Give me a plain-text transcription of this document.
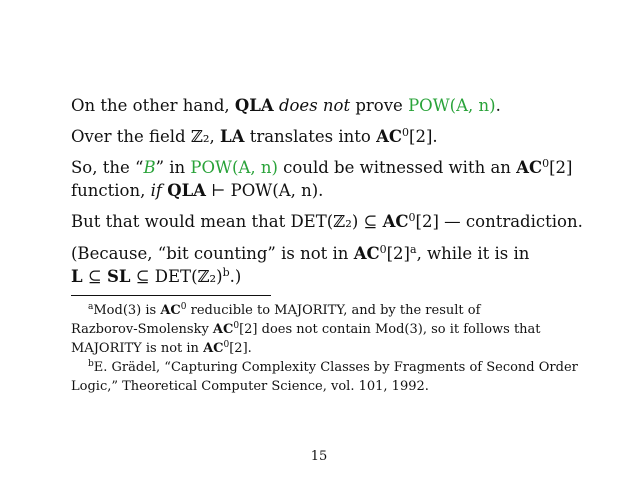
On the other hand, QLA does not prove POW(A, n).
Over the field ℤ₂, LA translates into $AC^0[2]$.
So, the “B” in POW(A, n) could be witnessed with an $AC^0[2]$
function, if QLA ⊢ POW(A, n).
But that would mean that DET(ℤ₂) ⊆ $AC^0[2]$ — contradiction.
(Because, “bit counting” is not in $AC^0[2]^a$, while it is in
L ⊆ SL ⊆ DET(ℤ₂)$^b$.)
$^a$Mod(3) is $AC^0$ reducible to MAJORITY, and by the result of
Razborov-Smolensky $AC^0[2]$ does not contain Mod(3), so it follows that
MAJORITY is not in $AC^0[2]$.
$^b$E. Grädel, “Capturing Complexity Classes by Fragments of Second Order
Logic,” Theoretical Computer Science, vol. 101, 1992.
15
